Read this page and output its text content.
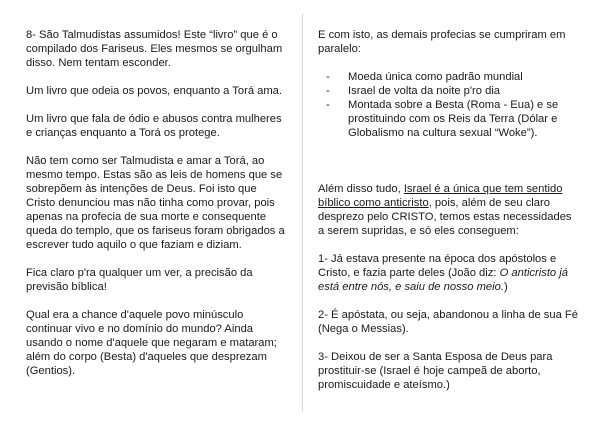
8- São Talmudistas assumidos! Este “livro” que é o compilado dos Fariseus. Eles mesmos se orgulham disso. Nem tentam esconder.

Um livro que odeia os povos, enquanto a Torá ama.

Um livro que fala de ódio e abusos contra mulheres e crianças enquanto a Torá os protege.

Não tem como ser Talmudista e amar a Torá, ao mesmo tempo. Estas são as leis de homens que se sobrepõem às intenções de Deus. Foi isto que Cristo denunciou mas não tinha como provar, pois apenas na profecia de sua morte e consequente queda do templo, que os fariseus foram obrigados a escrever tudo aquilo o que faziam e diziam.

Fica claro p'ra qualquer um ver, a precisão da previsão bíblica!

Qual era a chance d'aquele povo minúsculo continuar vivo e no domínio do mundo? Ainda usando o nome d'aquele que negaram e mataram; além do corpo (Besta) d'aqueles que desprezam (Gentios).

E com isto, as demais profecias se cumpriram em paralelo:

- Moeda única como padrão mundial
- Israel de volta da noite p'ro dia
- Montada sobre a Besta (Roma - Eua) e se prostituindo com os Reis da Terra (Dólar e Globalismo na cultura sexual “Woke”).

Além disso tudo, Israel é a única que tem sentido bíblico como anticristo, pois, além de seu claro desprezo pelo CRISTO, temos estas necessidades a serem supridas, e só eles conseguem:

1- Já estava presente na época dos apóstolos e Cristo, e fazia parte deles (João diz: O anticristo já está entre nós, e saiu de nosso meio.)

2- É apóstata, ou seja, abandonou a linha de sua Fé (Nega o Messias).

3- Deixou de ser a Santa Esposa de Deus para prostituir-se (Israel é hoje campeã de aborto, promiscuidade e ateísmo.)
